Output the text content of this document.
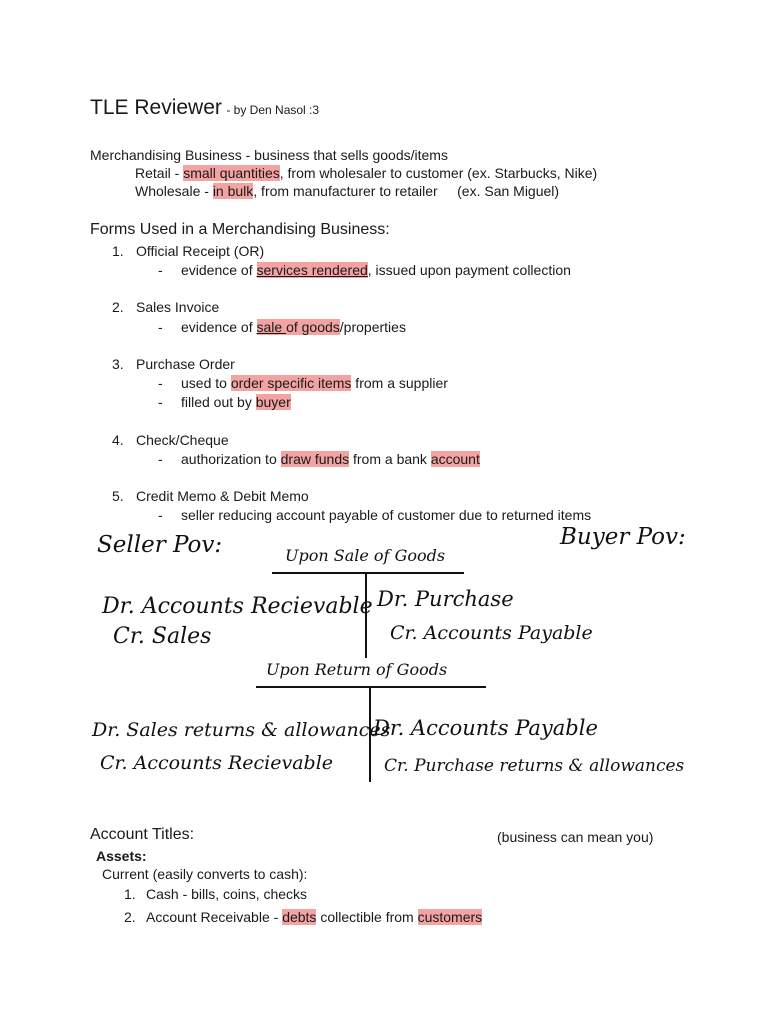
TLE Reviewer - by Den Nasol :3
Merchandising Business - business that sells goods/items
Retail - small quantities, from wholesaler to customer (ex. Starbucks, Nike)
Wholesale - in bulk, from manufacturer to retailer     (ex. San Miguel)
Forms Used in a Merchandising Business:
1. Official Receipt (OR)
- evidence of services rendered, issued upon payment collection
2. Sales Invoice
- evidence of sale of goods/properties
3. Purchase Order
- used to order specific items from a supplier
- filled out by buyer
4. Check/Cheque
- authorization to draw funds from a bank account
5. Credit Memo & Debit Memo
- seller reducing account payable of customer due to returned items
Seller Pov:	Buyer Pov:
Upon Sale of Goods
Dr. Accounts Recievable
Cr. Sales
Dr. Purchase
Cr. Accounts Payable
Upon Return of Goods
Dr. Sales returns & allowances
Cr. Accounts Recievable
Dr. Accounts Payable
Cr. Purchase returns & allowances
Account Titles:	(business can mean you)
Assets:
Current (easily converts to cash):
1. Cash - bills, coins, checks
2. Account Receivable - debts collectible from customers
